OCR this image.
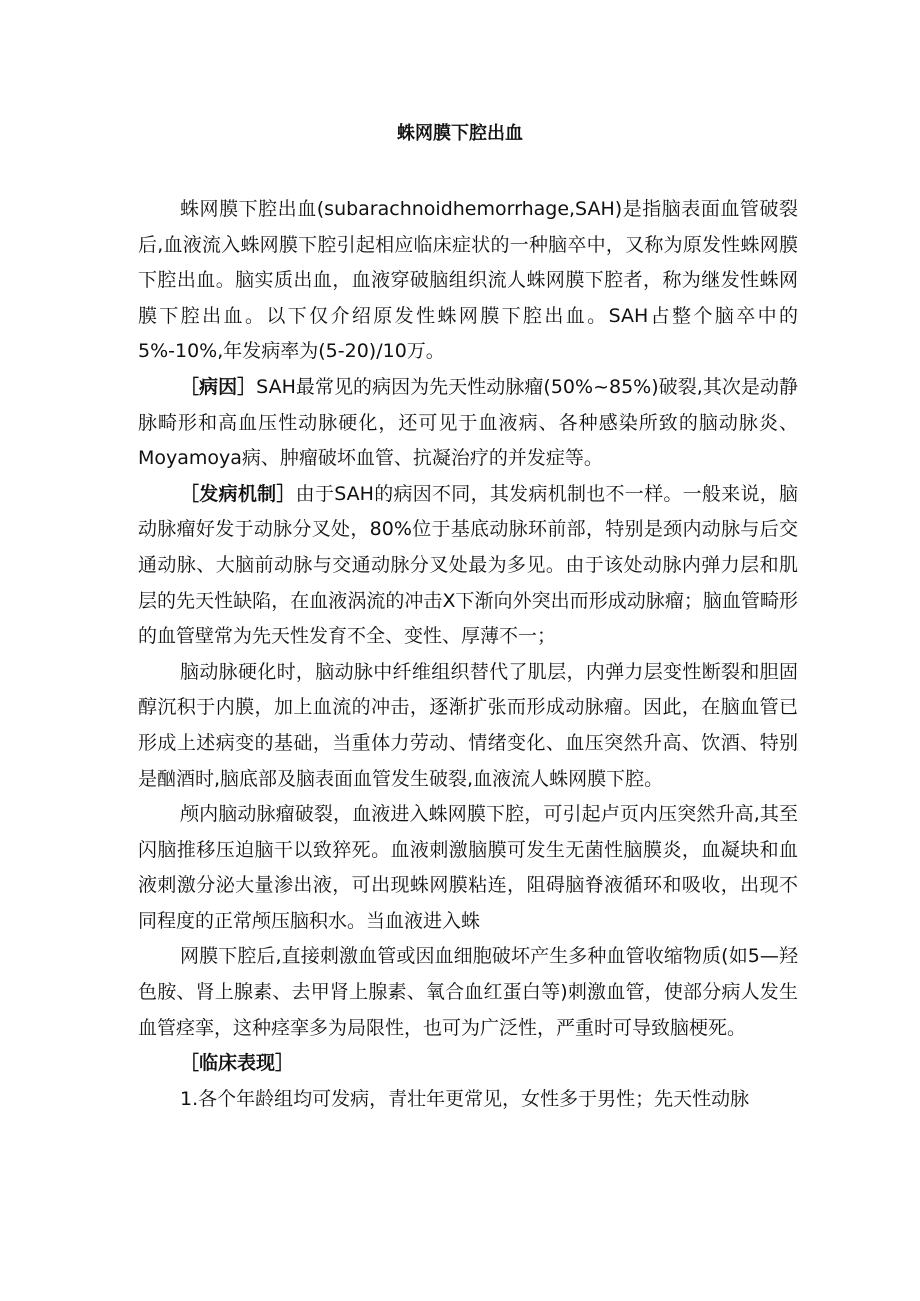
蛛网膜下腔出血

蛛网膜下腔出血(subarachnoidhemorrhage,SAH)是指脑表面血管破裂后,血液流入蛛网膜下腔引起相应临床症状的一种脑卒中，又称为原发性蛛网膜下腔出血。脑实质出血，血液穿破脑组织流人蛛网膜下腔者，称为继发性蛛网膜下腔出血。以下仅介绍原发性蛛网膜下腔出血。SAH占整个脑卒中的5%-10%,年发病率为(5-20)/10万。

［病因］SAH最常见的病因为先天性动脉瘤(50%~85%)破裂,其次是动静脉畸形和高血压性动脉硬化，还可见于血液病、各种感染所致的脑动脉炎、Moyamoya病、肿瘤破坏血管、抗凝治疗的并发症等。

［发病机制］由于SAH的病因不同，其发病机制也不一样。一般来说，脑动脉瘤好发于动脉分叉处，80%位于基底动脉环前部，特别是颈内动脉与后交通动脉、大脑前动脉与交通动脉分叉处最为多见。由于该处动脉内弹力层和肌层的先天性缺陷，在血液涡流的冲击X下渐向外突出而形成动脉瘤；脑血管畸形的血管壁常为先天性发育不全、变性、厚薄不一；

脑动脉硬化时，脑动脉中纤维组织替代了肌层，内弹力层变性断裂和胆固醇沉积于内膜，加上血流的冲击，逐渐扩张而形成动脉瘤。因此，在脑血管已形成上述病变的基础，当重体力劳动、情绪变化、血压突然升高、饮酒、特别是酗酒时,脑底部及脑表面血管发生破裂,血液流人蛛网膜下腔。

颅内脑动脉瘤破裂，血液进入蛛网膜下腔，可引起卢页内压突然升高,其至闪脑推移压迫脑干以致猝死。血液刺激脑膜可发生无菌性脑膜炎，血凝块和血液刺激分泌大量渗出液，可出现蛛网膜粘连，阻碍脑脊液循环和吸收，出现不同程度的正常颅压脑积水。当血液进入蛛

网膜下腔后,直接刺激血管或因血细胞破坏产生多种血管收缩物质(如5—羟色胺、肾上腺素、去甲肾上腺素、氧合血红蛋白等)刺激血管，使部分病人发生血管痉挛，这种痉挛多为局限性，也可为广泛性，严重时可导致脑梗死。

［临床表现］

1.各个年龄组均可发病，青壮年更常见，女性多于男性；先天性动脉
